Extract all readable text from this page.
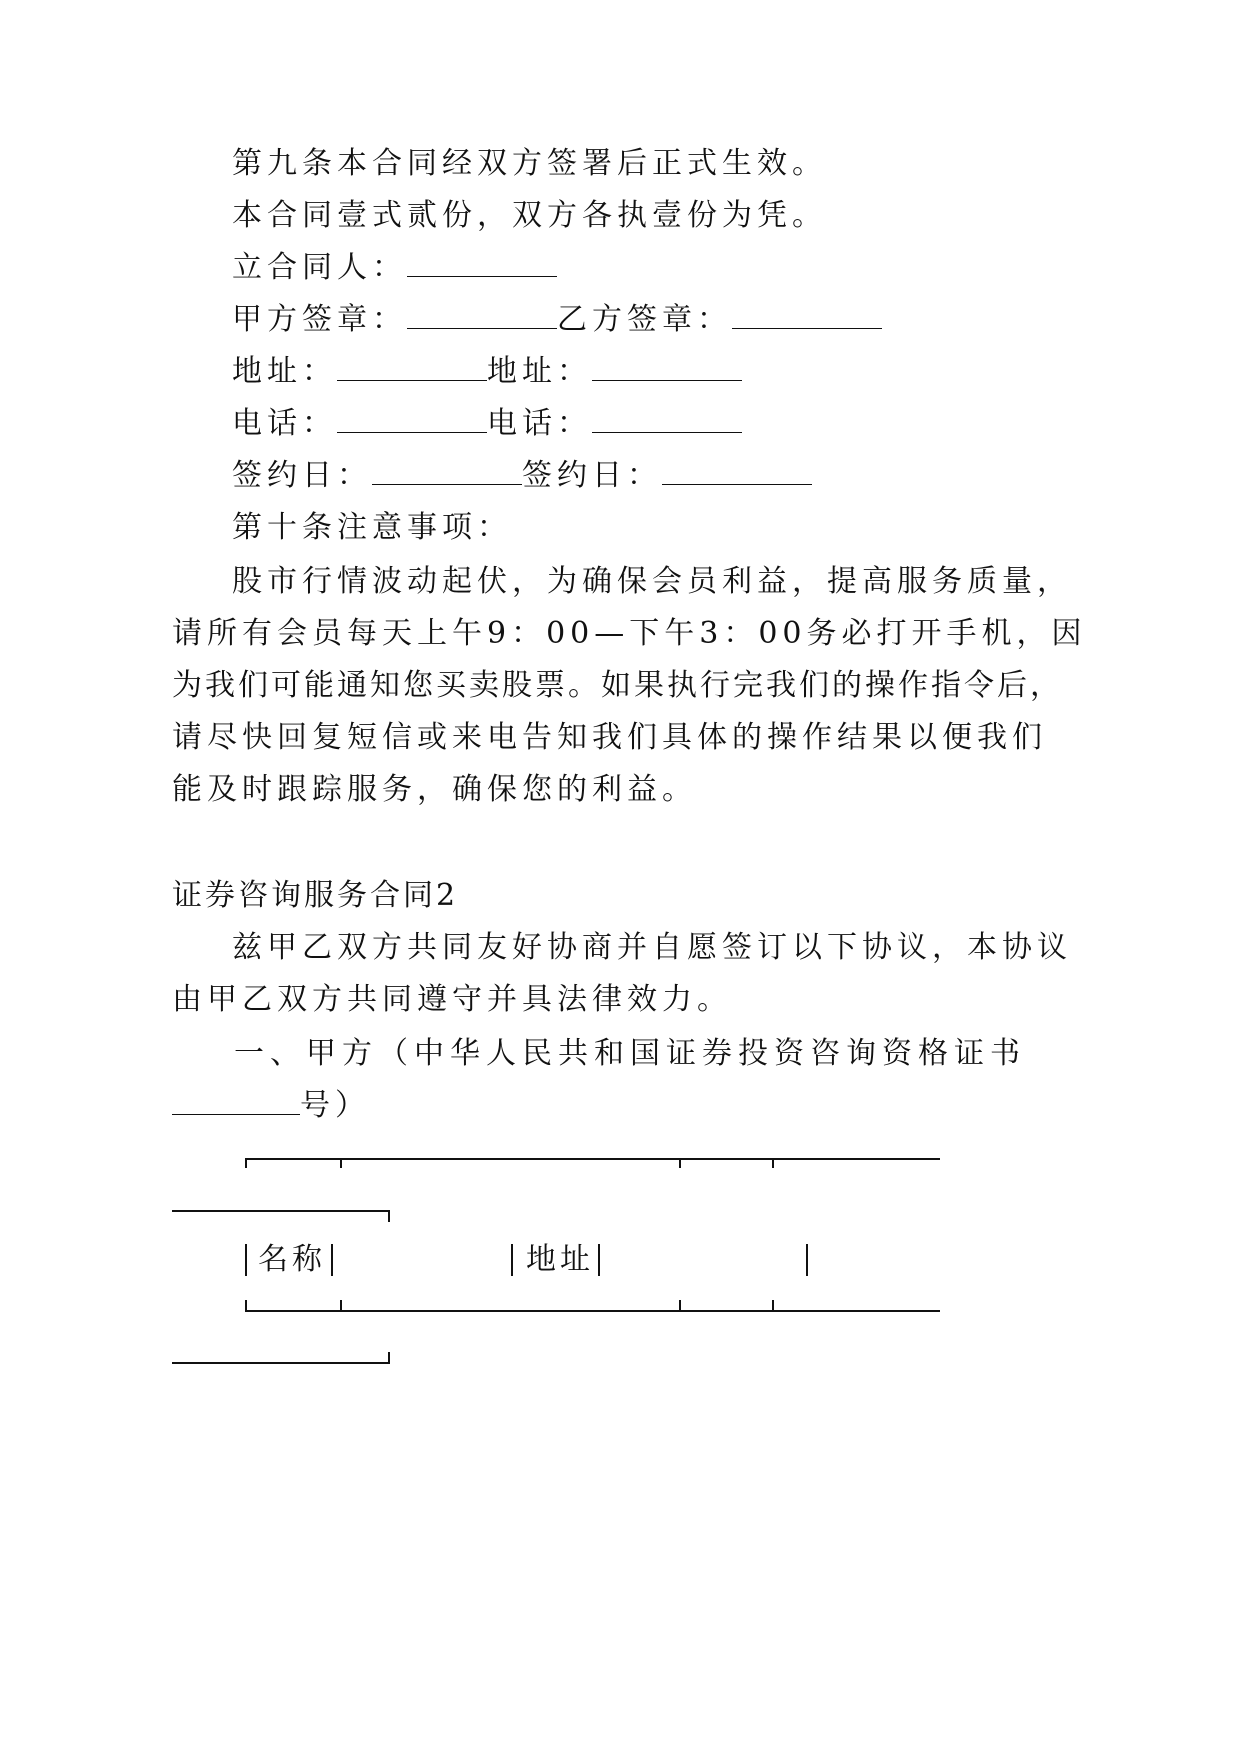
第九条本合同经双方签署后正式生效。
本合同壹式贰份，双方各执壹份为凭。
立合同人：
甲方签章：	乙方签章：
地址：	地址：
电话：	电话：
签约日：	签约日：
第十条注意事项：
股市行情波动起伏，为确保会员利益，提高服务质量，
请所有会员每天上午9：00—下午3：00务必打开手机，因
为我们可能通知您买卖股票。如果执行完我们的操作指令后，
请尽快回复短信或来电告知我们具体的操作结果以便我们
能及时跟踪服务，确保您的利益。
证券咨询服务合同2
兹甲乙双方共同友好协商并自愿签订以下协议，本协议
由甲乙双方共同遵守并具法律效力。
一、甲方（中华人民共和国证券投资咨询资格证书
号）
名称	地址
